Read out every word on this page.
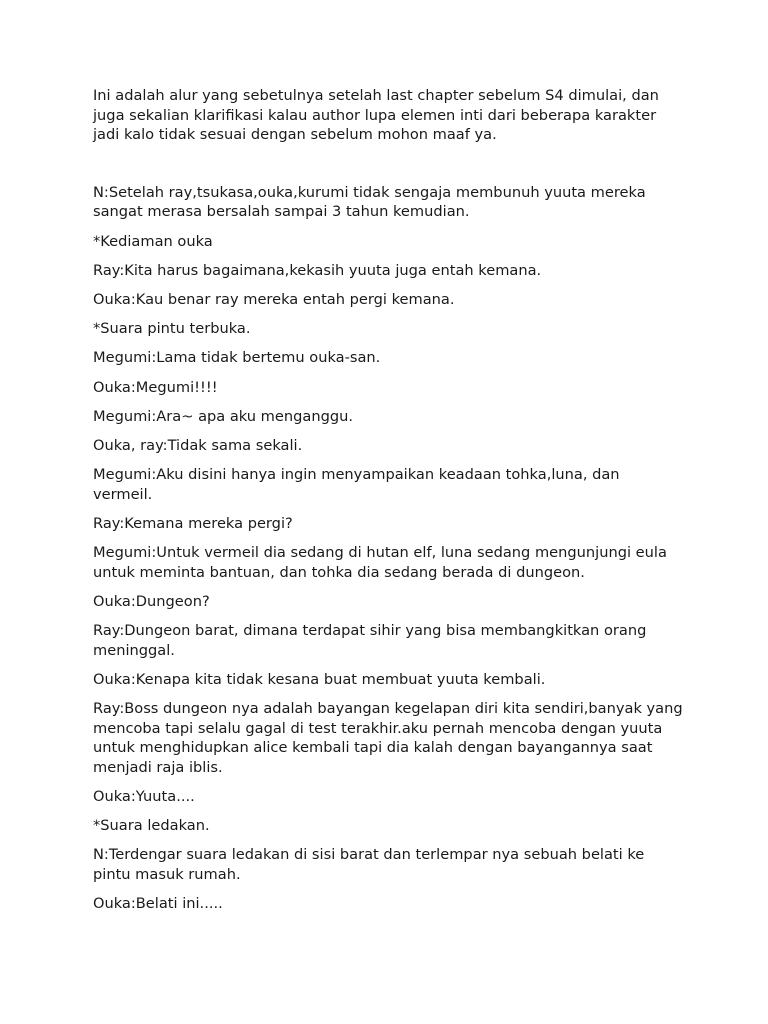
Ini adalah alur yang sebetulnya setelah last chapter sebelum S4 dimulai, dan juga sekalian klarifikasi kalau author lupa elemen inti dari beberapa karakter jadi kalo tidak sesuai dengan sebelum mohon maaf ya.

N:Setelah ray,tsukasa,ouka,kurumi tidak sengaja membunuh yuuta mereka sangat merasa bersalah sampai 3 tahun kemudian.

*Kediaman ouka

Ray:Kita harus bagaimana,kekasih yuuta juga entah kemana.

Ouka:Kau benar ray mereka entah pergi kemana.

*Suara pintu terbuka.

Megumi:Lama tidak bertemu ouka-san.

Ouka:Megumi!!!!

Megumi:Ara~ apa aku menganggu.

Ouka, ray:Tidak sama sekali.

Megumi:Aku disini hanya ingin menyampaikan keadaan tohka,luna, dan vermeil.

Ray:Kemana mereka pergi?

Megumi:Untuk vermeil dia sedang di hutan elf, luna sedang mengunjungi eula untuk meminta bantuan, dan tohka dia sedang berada di dungeon.

Ouka:Dungeon?

Ray:Dungeon barat, dimana terdapat sihir yang bisa membangkitkan orang meninggal.

Ouka:Kenapa kita tidak kesana buat membuat yuuta kembali.

Ray:Boss dungeon nya adalah bayangan kegelapan diri kita sendiri,banyak yang mencoba tapi selalu gagal di test terakhir.aku pernah mencoba dengan yuuta untuk menghidupkan alice kembali tapi dia kalah dengan bayangannya saat menjadi raja iblis.

Ouka:Yuuta....

*Suara ledakan.

N:Terdengar suara ledakan di sisi barat dan terlempar nya sebuah belati ke pintu masuk rumah.

Ouka:Belati ini.....
